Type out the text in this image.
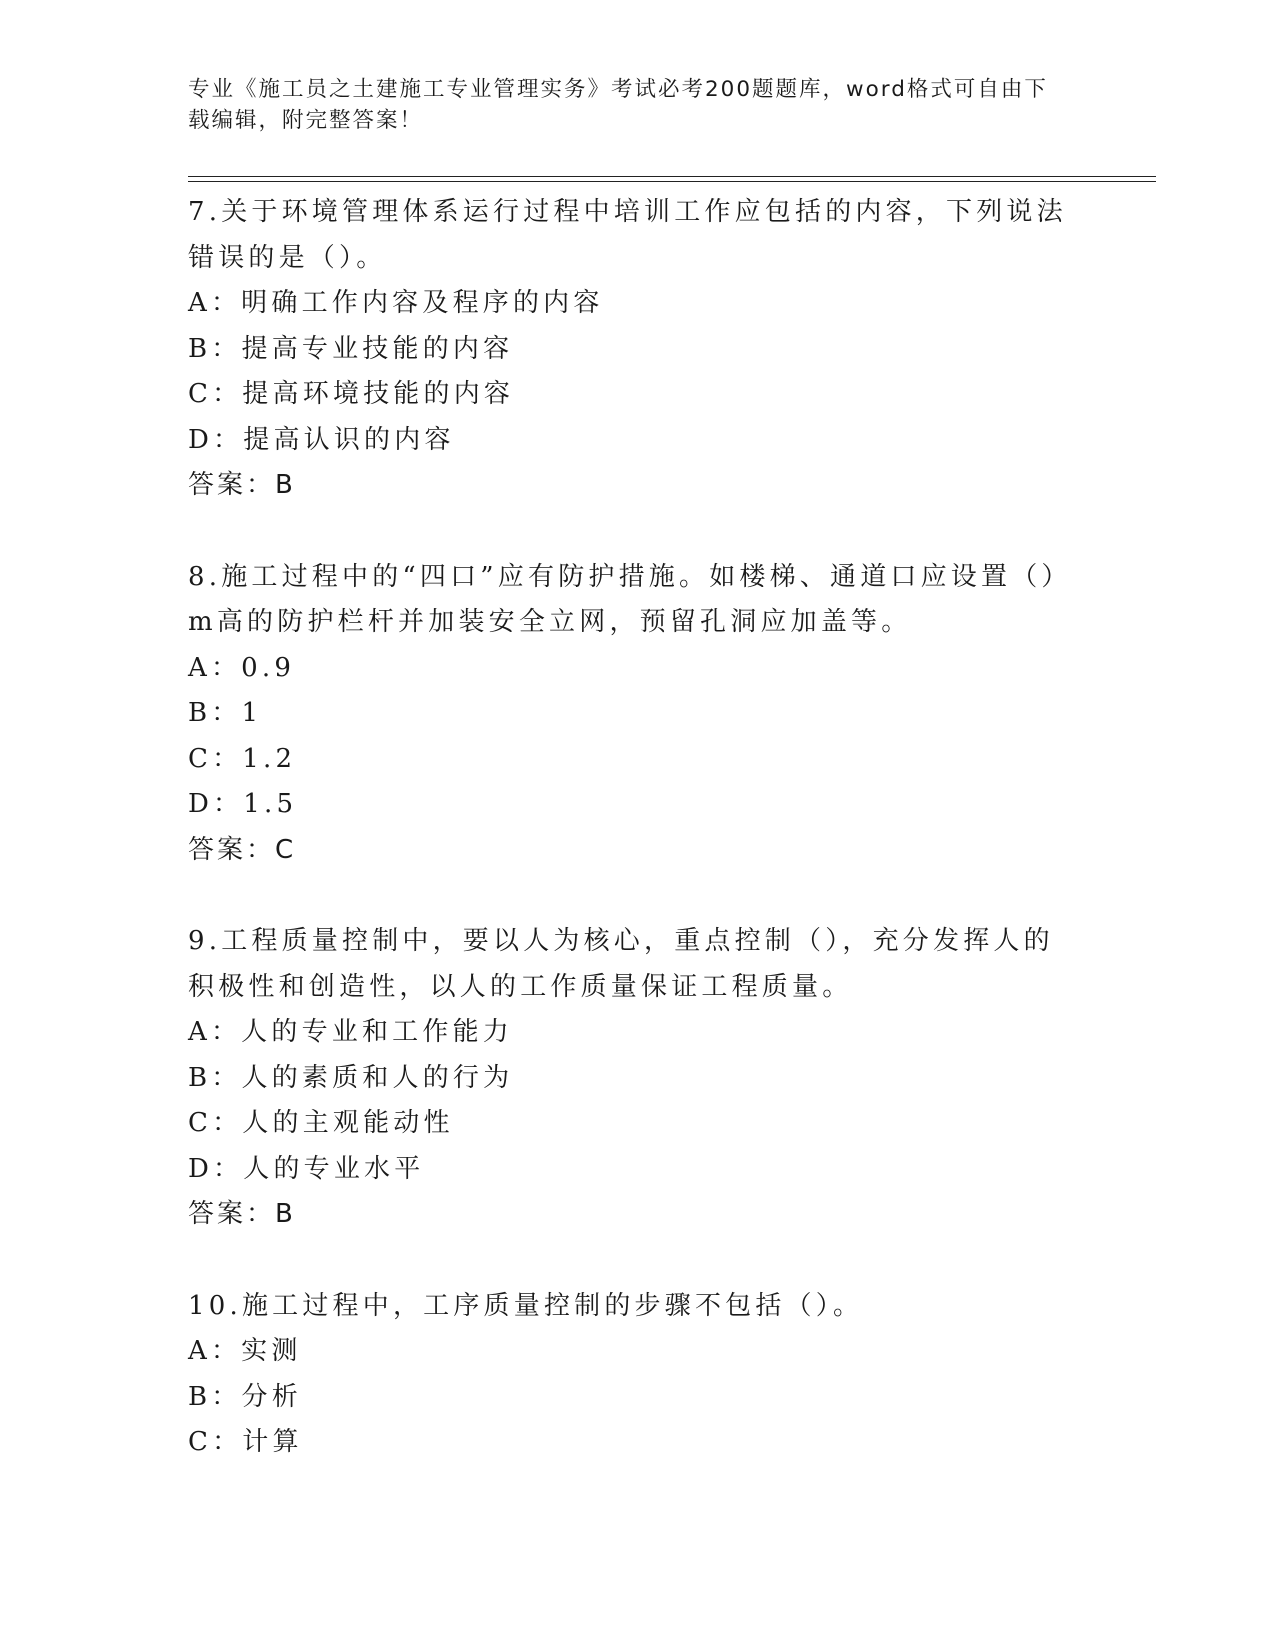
专业《施工员之土建施工专业管理实务》考试必考200题题库，word格式可自由下载编辑，附完整答案！
7.关于环境管理体系运行过程中培训工作应包括的内容，下列说法错误的是（）。
A：明确工作内容及程序的内容
B：提高专业技能的内容
C：提高环境技能的内容
D：提高认识的内容
答案：B
8.施工过程中的“四口”应有防护措施。如楼梯、通道口应设置（）m高的防护栏杆并加装安全立网，预留孔洞应加盖等。
A：0.9
B：1
C：1.2
D：1.5
答案：C
9.工程质量控制中，要以人为核心，重点控制（），充分发挥人的积极性和创造性，以人的工作质量保证工程质量。
A：人的专业和工作能力
B：人的素质和人的行为
C：人的主观能动性
D：人的专业水平
答案：B
10.施工过程中，工序质量控制的步骤不包括（）。
A：实测
B：分析
C：计算
